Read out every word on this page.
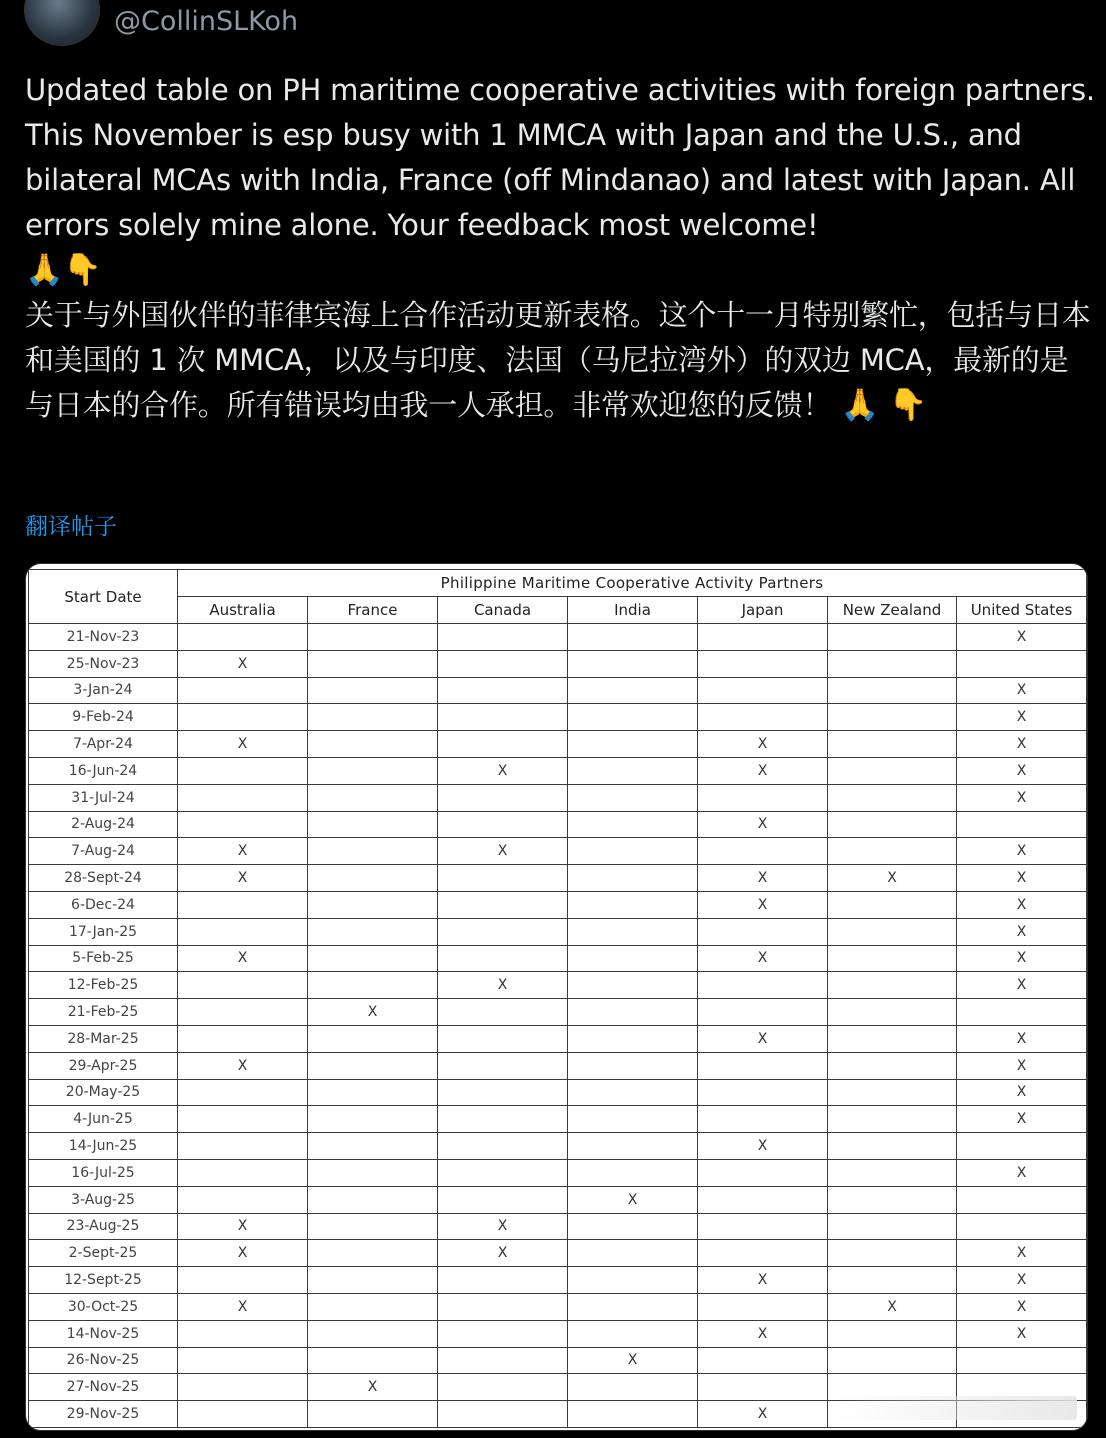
@CollinSLKoh

Updated table on PH maritime cooperative activities with foreign partners. This November is esp busy with 1 MMCA with Japan and the U.S., and bilateral MCAs with India, France (off Mindanao) and latest with Japan. All errors solely mine alone. Your feedback most welcome!
🙏👇

关于与外国伙伴的菲律宾海上合作活动更新表格。这个十一月特别繁忙，包括与日本和美国的 1 次 MMCA，以及与印度、法国（马尼拉湾外）的双边 MCA，最新的是与日本的合作。所有错误均由我一人承担。非常欢迎您的反馈！ 🙏 👇

翻译帖子
Start Date	Philippine Maritime Cooperative Activity Partners						
	Australia	France	Canada	India	Japan	New Zealand	United States
21-Nov-23							X
25-Nov-23	X						
3-Jan-24							X
9-Feb-24							X
7-Apr-24	X				X		X
16-Jun-24			X		X		X
31-Jul-24							X
2-Aug-24					X		
7-Aug-24	X		X				X
28-Sept-24	X				X	X	X
6-Dec-24					X		X
17-Jan-25							X
5-Feb-25	X				X		X
12-Feb-25			X				X
21-Feb-25		X					
28-Mar-25					X		X
29-Apr-25	X						X
20-May-25							X
4-Jun-25							X
14-Jun-25					X		
16-Jul-25							X
3-Aug-25				X			
23-Aug-25	X		X				
2-Sept-25	X		X				X
12-Sept-25					X		X
30-Oct-25	X					X	X
14-Nov-25					X		X
26-Nov-25				X			
27-Nov-25		X					
29-Nov-25					X		
